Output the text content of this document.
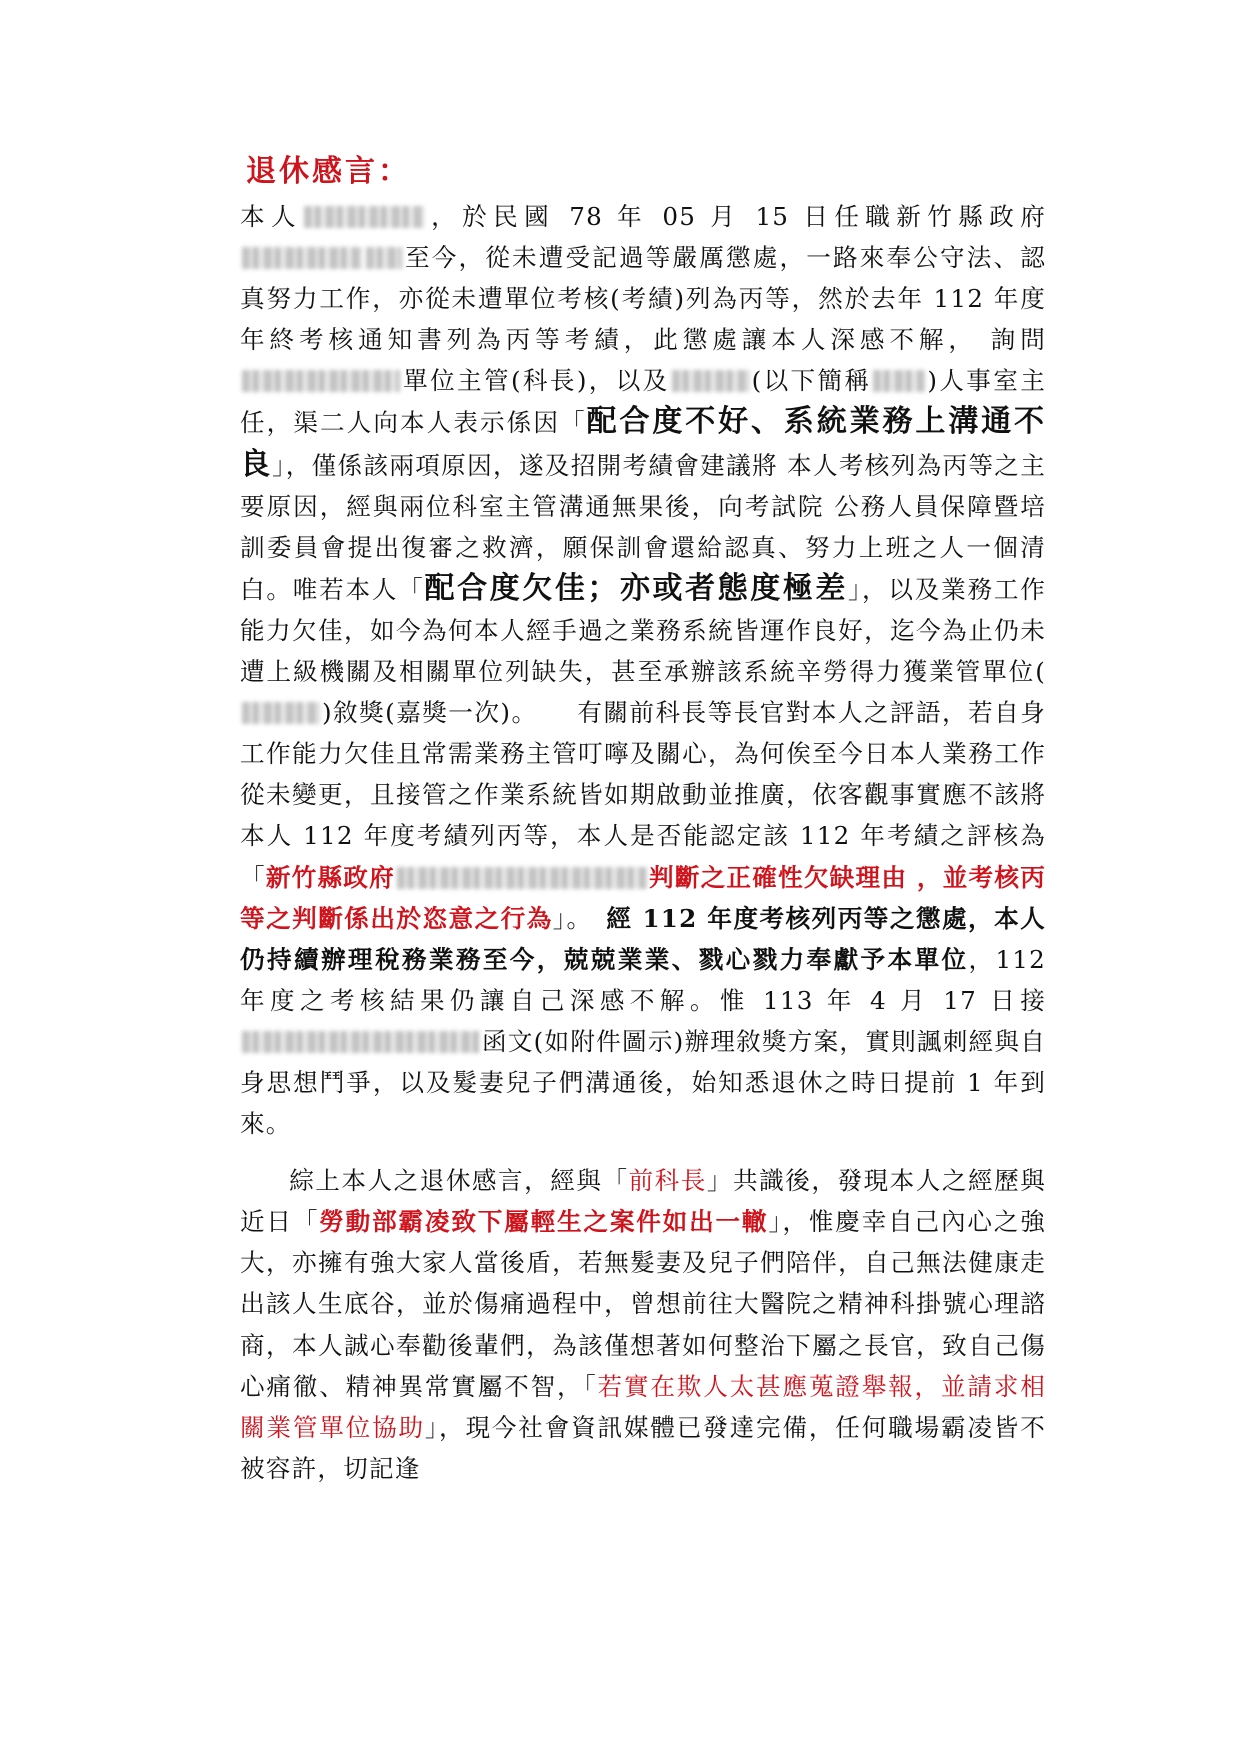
退休感言：

本人	，於民國 78 年 05 月 15 日任職新竹縣政府至今，從未遭受記過等嚴厲懲處，一路來奉公守法、認真努力工作，亦從未遭單位考核(考績)列為丙等，然於去年 112 年度年終考核通知書列為丙等考績，此懲處讓本人深感不解， 詢問單位主管(科長)，以及	(以下簡稱 )人事室主任，渠二人向本人表示係因「配合度不好、系統業務上溝通不良」，僅係該兩項原因，遂及招開考績會建議將 本人考核列為丙等之主要原因，經與兩位科室主管溝通無果後，向考試院 公務人員保障暨培訓委員會提出復審之救濟，願保訓會還給認真、努力上班之人一個清白。唯若本人「配合度欠佳；亦或者態度極差」，以及業務工作能力欠佳，如今為何本人經手過之業務系統皆運作良好，迄今為止仍未遭上級機關及相關單位列缺失，甚至承辦該系統辛勞得力獲業管單位()敘獎(嘉獎一次)。　　有關前科長等長官對本人之評語，若自身工作能力欠佳且常需業務主管叮嚀及關心，為何俟至今日本人業務工作從未變更，且接管之作業系統皆如期啟動並推廣，依客觀事實應不該將本人 112 年度考績列丙等，本人是否能認定該 112 年考績之評核為「新竹縣政府	判斷之正確性欠缺理由 ，並考核丙等之判斷係出於恣意之行為」。　經 112 年度考核列丙等之懲處，本人仍持續辦理稅務業務至今，兢兢業業、戮心戮力奉獻予本單位，112 年度之考核結果仍讓自己深感不解。惟 113 年 4 月 17 日接函文(如附件圖示)辦理敘獎方案，實則諷刺經與自身思想鬥爭，以及髮妻兒子們溝通後，始知悉退休之時日提前 1 年到來。

綜上本人之退休感言，經與「前科長」共識後，發現本人之經歷與近日「勞動部霸凌致下屬輕生之案件如出一轍」，惟慶幸自己內心之強大，亦擁有強大家人當後盾，若無髮妻及兒子們陪伴，自己無法健康走出該人生底谷，並於傷痛過程中，曾想前往大醫院之精神科掛號心理諮商，本人誠心奉勸後輩們，為該僅想著如何整治下屬之長官，致自己傷心痛徹、精神異常實屬不智，「若實在欺人太甚應蒐證舉報，並請求相關業管單位協助」，現今社會資訊媒體已發達完備，任何職場霸凌皆不被容許，切記逢
